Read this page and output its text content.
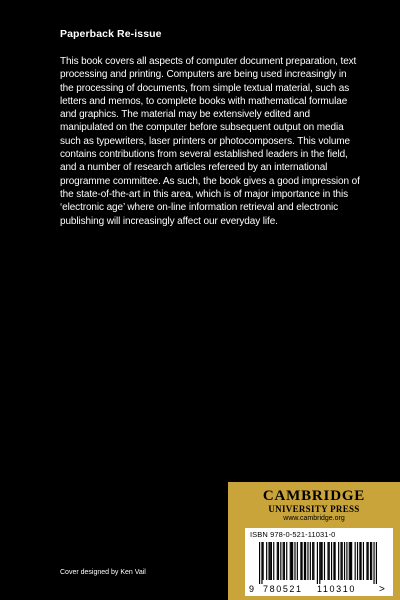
Paperback Re-issue

This book covers all aspects of computer document preparation, text processing and printing. Computers are being used increasingly in the processing of documents, from simple textual material, such as letters and memos, to complete books with mathematical formulae and graphics. The material may be extensively edited and manipulated on the computer before subsequent output on media such as typewriters, laser printers or photocomposers. This volume contains contributions from several established leaders in the field, and a number of research articles refereed by an international programme committee. As such, the book gives a good impression of the state-of-the-art in this area, which is of major importance in this ‘electronic age’ where on-line information retrieval and electronic publishing will increasingly affect our everyday life.

CAMBRIDGE
UNIVERSITY PRESS
www.cambridge.org
ISBN 978-0-521-11031-0
9 780521 110310 >
Cover designed by Ken Vail
